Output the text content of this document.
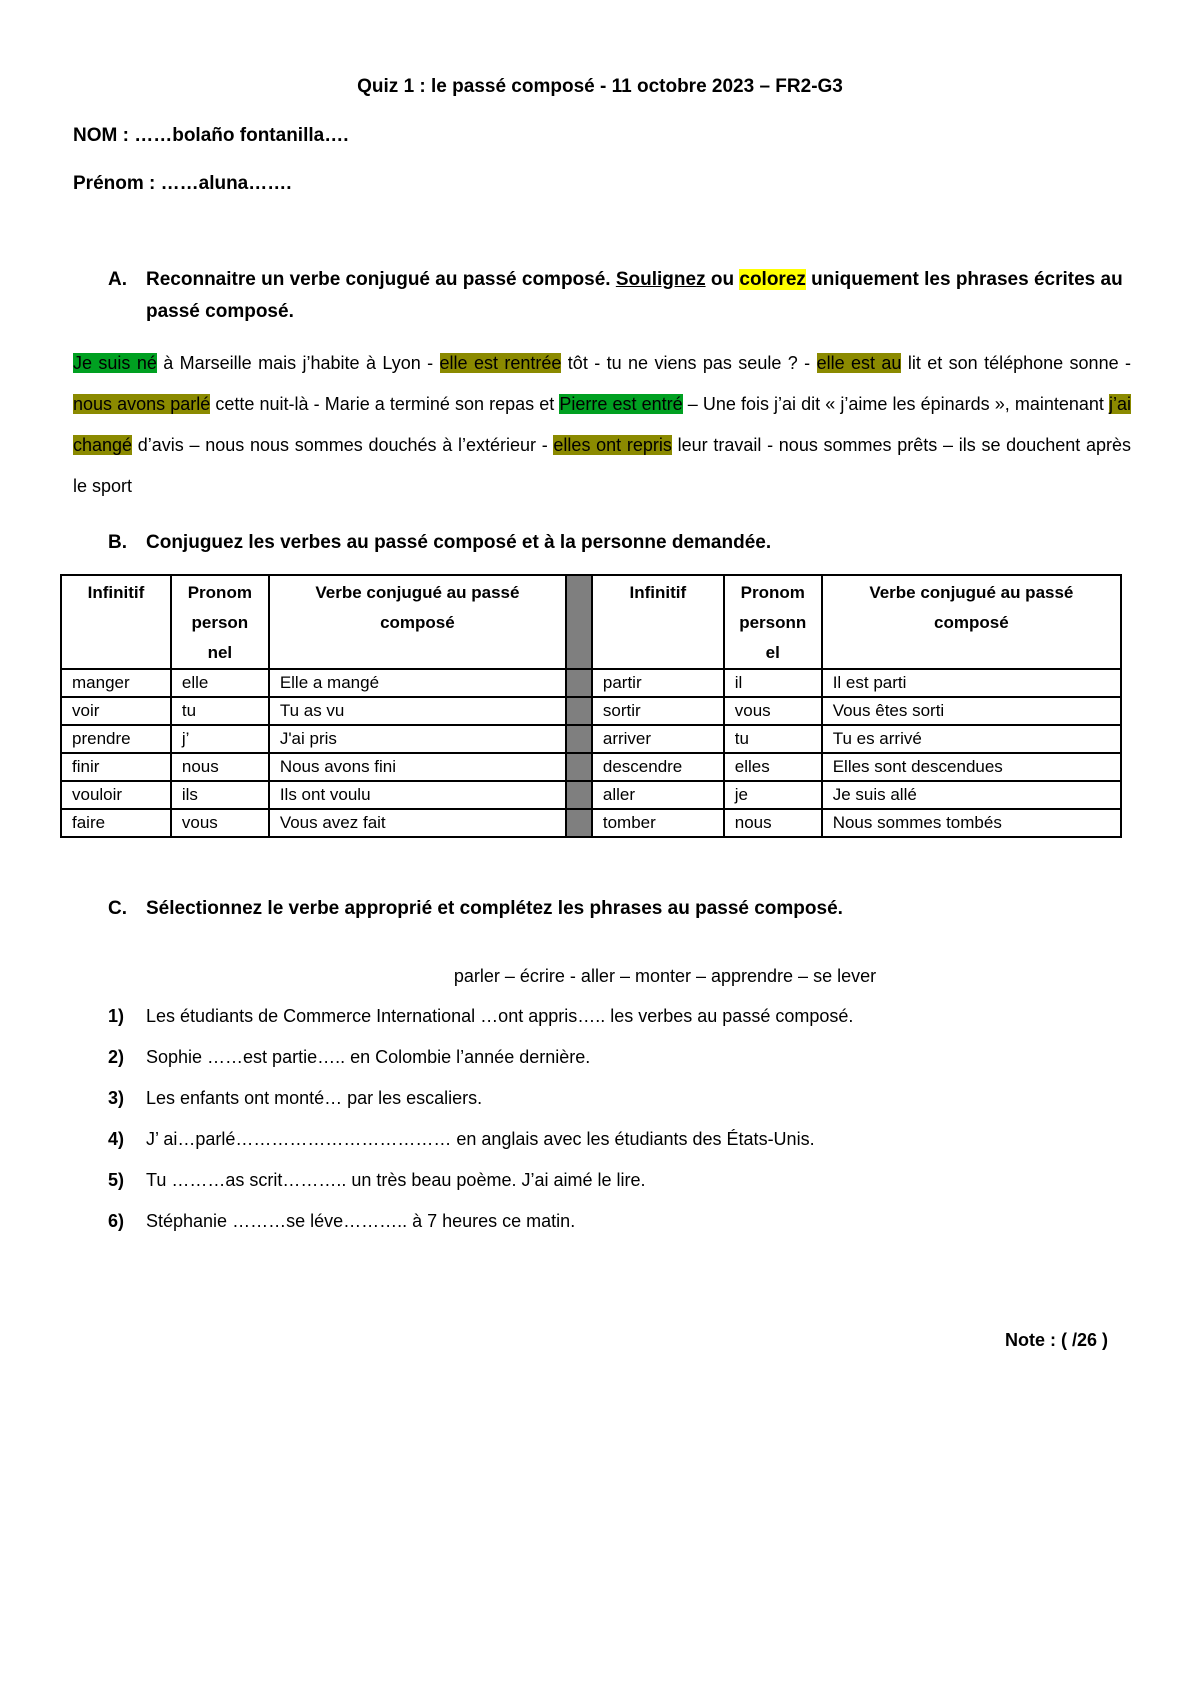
Quiz 1 : le passé composé - 11 octobre 2023 – FR2-G3
NOM : ……bolaño fontanilla….
Prénom : ……aluna…….
A.	Reconnaitre un verbe conjugué au passé composé. Soulignez ou colorez uniquement les phrases écrites au passé composé.
Je suis né à Marseille mais j’habite à Lyon - elle est rentrée tôt - tu ne viens pas seule ? - elle est au lit et son téléphone sonne - nous avons parlé cette nuit-là - Marie a terminé son repas et Pierre est entré – Une fois j’ai dit « j’aime les épinards », maintenant j’ai changé d’avis – nous nous sommes douchés à l’extérieur - elles ont repris leur travail - nous sommes prêts – ils se douchent après le sport
B.	Conjuguez les verbes au passé composé et à la personne demandée.
Infinitif	Pronom person nel	Verbe conjugué au passé composé		Infinitif	Pronom personn el	Verbe conjugué au passé composé
manger	elle	Elle a mangé		partir	il	Il est parti
voir	tu	Tu as vu		sortir	vous	Vous êtes sorti
prendre	j’	J'ai pris		arriver	tu	Tu es arrivé
finir	nous	Nous avons fini		descendre	elles	Elles sont descendues
vouloir	ils	Ils ont voulu		aller	je	Je suis allé
faire	vous	Vous avez fait		tomber	nous	Nous sommes tombés
C.	Sélectionnez le verbe approprié et complétez les phrases au passé composé.
parler – écrire - aller – monter – apprendre – se lever
1) Les étudiants de Commerce International …ont appris….. les verbes au passé composé.
2) Sophie ……est partie….. en Colombie l’année dernière.
3) Les enfants ont monté… par les escaliers.
4) J’ ai…parlé……………………………… en anglais avec les étudiants des États-Unis.
5) Tu ………as scrit……….. un très beau poème. J’ai aimé le lire.
6) Stéphanie ………se léve……….. à 7 heures ce matin.
Note : ( /26 )
